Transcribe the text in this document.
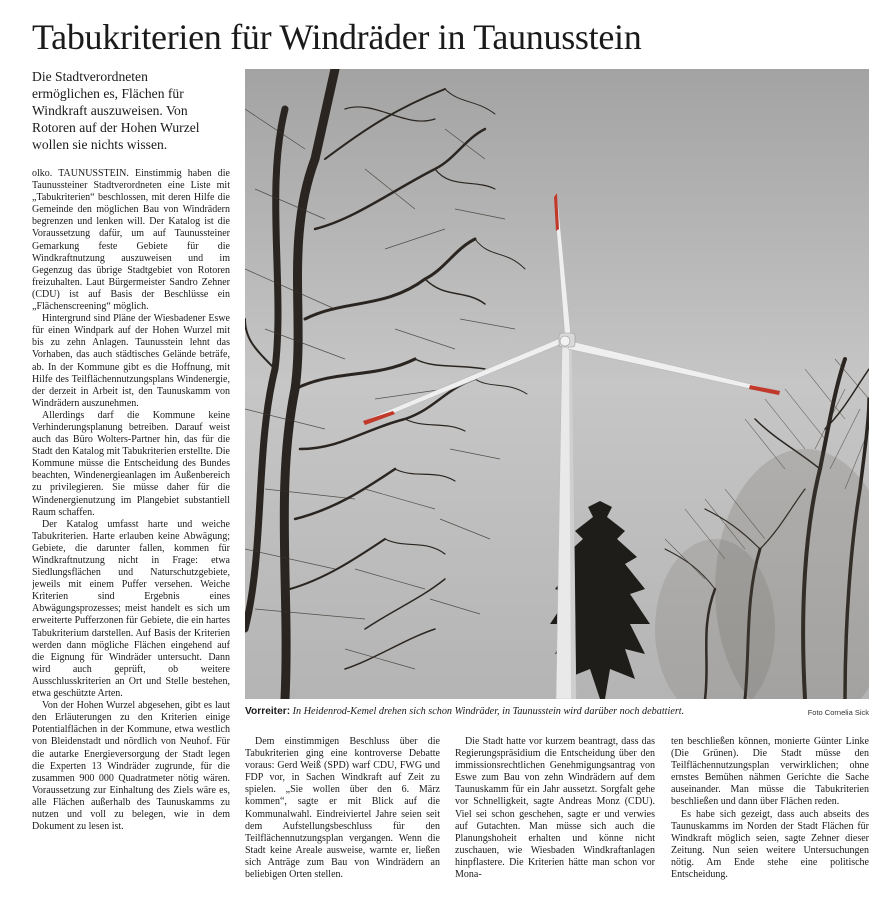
Tabukriterien für Windräder in Taunusstein

Die Stadtverordneten ermöglichen es, Flächen für Windkraft auszuweisen. Von Rotoren auf der Hohen Wurzel wollen sie nichts wissen.

olko. TAUNUSSTEIN. Einstimmig haben die Taunussteiner Stadtverordneten eine Liste mit „Tabukriterien“ beschlossen, mit deren Hilfe die Gemeinde den möglichen Bau von Windrädern begrenzen und lenken will. Der Katalog ist die Voraussetzung dafür, um auf Taunussteiner Gemarkung feste Gebiete für die Windkraftnutzung auszuweisen und im Gegenzug das übrige Stadtgebiet von Rotoren freizuhalten. Laut Bürgermeister Sandro Zehner (CDU) ist auf Basis der Beschlüsse ein „Flächenscreening“ möglich.

Hintergrund sind Pläne der Wiesbadener Eswe für einen Windpark auf der Hohen Wurzel mit bis zu zehn Anlagen. Taunusstein lehnt das Vorhaben, das auch städtisches Gelände beträfe, ab. In der Kommune gibt es die Hoffnung, mit Hilfe des Teilflächennutzungsplans Windenergie, der derzeit in Arbeit ist, den Taunuskamm von Windrädern auszunehmen.

Allerdings darf die Kommune keine Verhinderungsplanung betreiben. Darauf weist auch das Büro Wolters-Partner hin, das für die Stadt den Katalog mit Tabukriterien erstellte. Die Kommune müsse die Entscheidung des Bundes beachten, Windenergieanlagen im Außenbereich zu privilegieren. Sie müsse daher für die Windenergienutzung im Plangebiet substantiell Raum schaffen.

Der Katalog umfasst harte und weiche Tabukriterien. Harte erlauben keine Abwägung; Gebiete, die darunter fallen, kommen für Windkraftnutzung nicht in Frage: etwa Siedlungsflächen und Naturschutzgebiete, jeweils mit einem Puffer versehen. Weiche Kriterien sind Ergebnis eines Abwägungsprozesses; meist handelt es sich um erweiterte Pufferzonen für Gebiete, die ein hartes Tabukriterium darstellen. Auf Basis der Kriterien werden dann mögliche Flächen eingehend auf die Eignung für Windräder untersucht. Dann wird auch geprüft, ob weitere Ausschlusskriterien an Ort und Stelle bestehen, etwa geschützte Arten.

Von der Hohen Wurzel abgesehen, gibt es laut den Erläuterungen zu den Kriterien einige Potentialflächen in der Kommune, etwa westlich von Bleidenstadt und nördlich von Neuhof. Für die autarke Energieversorgung der Stadt legen die Experten 13 Windräder zugrunde, für die zusammen 900 000 Quadratmeter nötig wären. Voraussetzung zur Einhaltung des Ziels wäre es, alle Flächen außerhalb des Taunuskamms zu nutzen und voll zu belegen, wie in dem Dokument zu lesen ist.

Vorreiter: In Heidenrod-Kemel drehen sich schon Windräder, in Taunusstein wird darüber noch debattiert.	Foto Cornelia Sick

Dem einstimmigen Beschluss über die Tabukriterien ging eine kontroverse Debatte voraus: Gerd Weiß (SPD) warf CDU, FWG und FDP vor, in Sachen Windkraft auf Zeit zu spielen. „Sie wollen über den 6. März kommen“, sagte er mit Blick auf die Kommunalwahl. Eindreiviertel Jahre seien seit dem Aufstellungsbeschluss für den Teilflächennutzungsplan vergangen. Wenn die Stadt keine Areale ausweise, warnte er, ließen sich Anträge zum Bau von Windrädern an beliebigen Orten stellen.

Die Stadt hatte vor kurzem beantragt, dass das Regierungspräsidium die Entscheidung über den immissionsrechtlichen Genehmigungsantrag von Eswe zum Bau von zehn Windrädern auf dem Taunuskamm für ein Jahr aussetzt. Sorgfalt gehe vor Schnelligkeit, sagte Andreas Monz (CDU). Viel sei schon geschehen, sagte er und verwies auf Gutachten. Man müsse sich auch die Planungshoheit erhalten und könne nicht zuschauen, wie Wiesbaden Windkraftanlagen hinpflastere. Die Kriterien hätte man schon vor Mona-

ten beschließen können, monierte Günter Linke (Die Grünen). Die Stadt müsse den Teilflächennutzungsplan verwirklichen; ohne ernstes Bemühen nähmen Gerichte die Sache auseinander. Man müsse die Tabukriterien beschließen und dann über Flächen reden.

Es habe sich gezeigt, dass auch abseits des Taunuskamms im Norden der Stadt Flächen für Windkraft möglich seien, sagte Zehner dieser Zeitung. Nun seien weitere Untersuchungen nötig. Am Ende stehe eine politische Entscheidung.
